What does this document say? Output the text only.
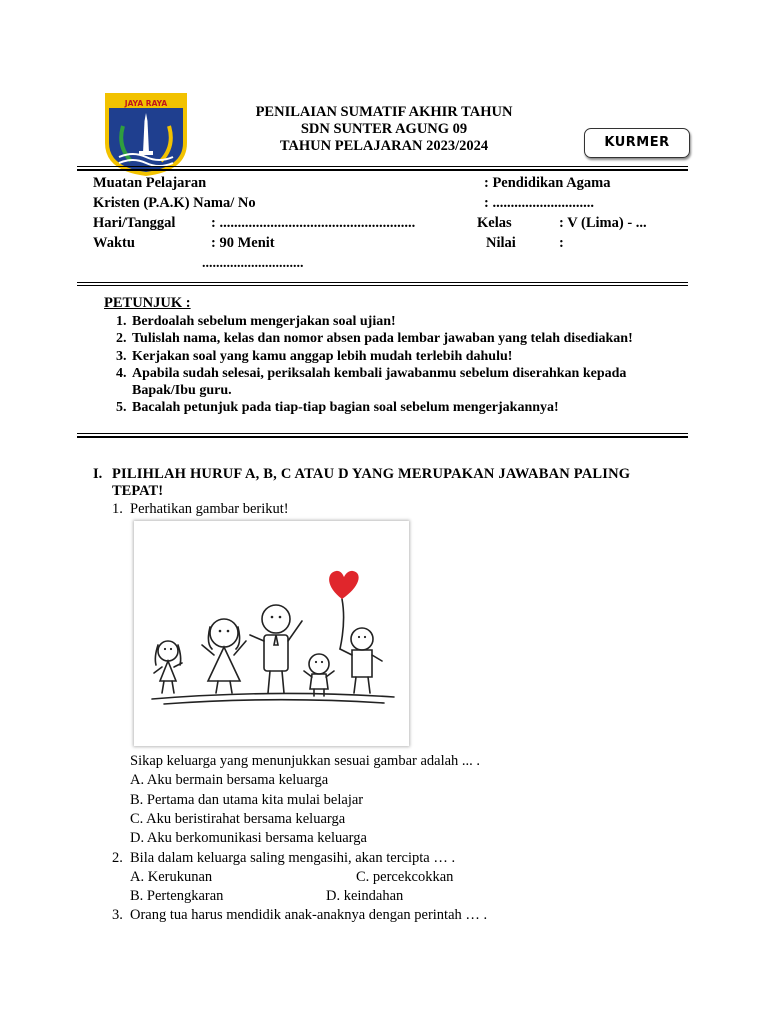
JAYA RAYA
PENILAIAN SUMATIF AKHIR TAHUN
SDN SUNTER AGUNG 09
TAHUN PELAJARAN 2023/2024	KURMER
Muatan Pelajaran	: Pendidikan Agama
Kristen (P.A.K) Nama/ No	: ............................
Hari/Tanggal : ......................................................	Kelas	: V (Lima) - ...
Waktu	: 90 Menit	Nilai	:
.............................
PETUNJUK :
1. Berdoalah sebelum mengerjakan soal ujian!
2. Tulislah nama, kelas dan nomor absen pada lembar jawaban yang telah disediakan!
3. Kerjakan soal yang kamu anggap lebih mudah terlebih dahulu!
4. Apabila sudah selesai, periksalah kembali jawabanmu sebelum diserahkan kepada Bapak/Ibu guru.
5. Bacalah petunjuk pada tiap-tiap bagian soal sebelum mengerjakannya!
I. PILIHLAH HURUF A, B, C ATAU D YANG MERUPAKAN JAWABAN PALING
TEPAT!
1. Perhatikan gambar berikut!
Sikap keluarga yang menunjukkan sesuai gambar adalah ... .
A. Aku bermain bersama keluarga
B. Pertama dan utama kita mulai belajar
C. Aku beristirahat bersama keluarga
D. Aku berkomunikasi bersama keluarga
2. Bila dalam keluarga saling mengasihi, akan tercipta … .
A. Kerukunan	C. percekcokkan
B. Pertengkaran	D. keindahan
3. Orang tua harus mendidik anak-anaknya dengan perintah … .
